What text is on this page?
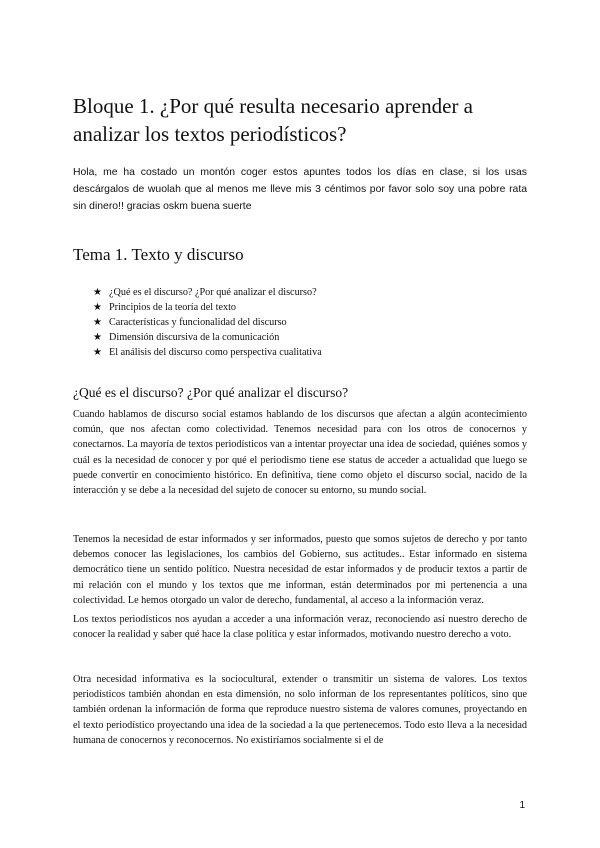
Bloque 1. ¿Por qué resulta necesario aprender a analizar los textos periodísticos?

Hola, me ha costado un montón coger estos apuntes todos los días en clase, si los usas descárgalos de wuolah que al menos me lleve mis 3 céntimos por favor solo soy una pobre rata sin dinero!! gracias oskm buena suerte

Tema 1. Texto y discurso
★ ¿Qué es el discurso? ¿Por qué analizar el discurso?
★ Principios de la teoría del texto
★ Características y funcionalidad del discurso
★ Dimensión discursiva de la comunicación
★ El análisis del discurso como perspectiva cualitativa
¿Qué es el discurso? ¿Por qué analizar el discurso?

Cuando hablamos de discurso social estamos hablando de los discursos que afectan a algún acontecimiento común, que nos afectan como colectividad. Tenemos necesidad para con los otros de conocernos y conectarnos. La mayoría de textos periodísticos van a intentar proyectar una idea de sociedad, quiénes somos y cuál es la necesidad de conocer y por qué el periodismo tiene ese status de acceder a actualidad que luego se puede convertir en conocimiento histórico. En definitiva, tiene como objeto el discurso social, nacido de la interacción y se debe a la necesidad del sujeto de conocer su entorno, su mundo social.

Tenemos la necesidad de estar informados y ser informados, puesto que somos sujetos de derecho y por tanto debemos conocer las legislaciones, los cambios del Gobierno, sus actitudes.. Estar informado en sistema democrático tiene un sentido político. Nuestra necesidad de estar informados y de producir textos a partir de mi relación con el mundo y los textos que me informan, están determinados por mi pertenencia a una colectividad. Le hemos otorgado un valor de derecho, fundamental, al acceso a la información veraz.

Los textos periodísticos nos ayudan a acceder a una información veraz, reconociendo así nuestro derecho de conocer la realidad y saber qué hace la clase política y estar informados, motivando nuestro derecho a voto.

Otra necesidad informativa es la sociocultural, extender o transmitir un sistema de valores. Los textos periodísticos también ahondan en esta dimensión, no solo informan de los representantes políticos, sino que también ordenan la información de forma que reproduce nuestro sistema de valores comunes, proyectando en el texto periodístico proyectando una idea de la sociedad a la que pertenecemos. Todo esto lleva a la necesidad humana de conocernos y reconocernos. No existiríamos socialmente si el de

1
